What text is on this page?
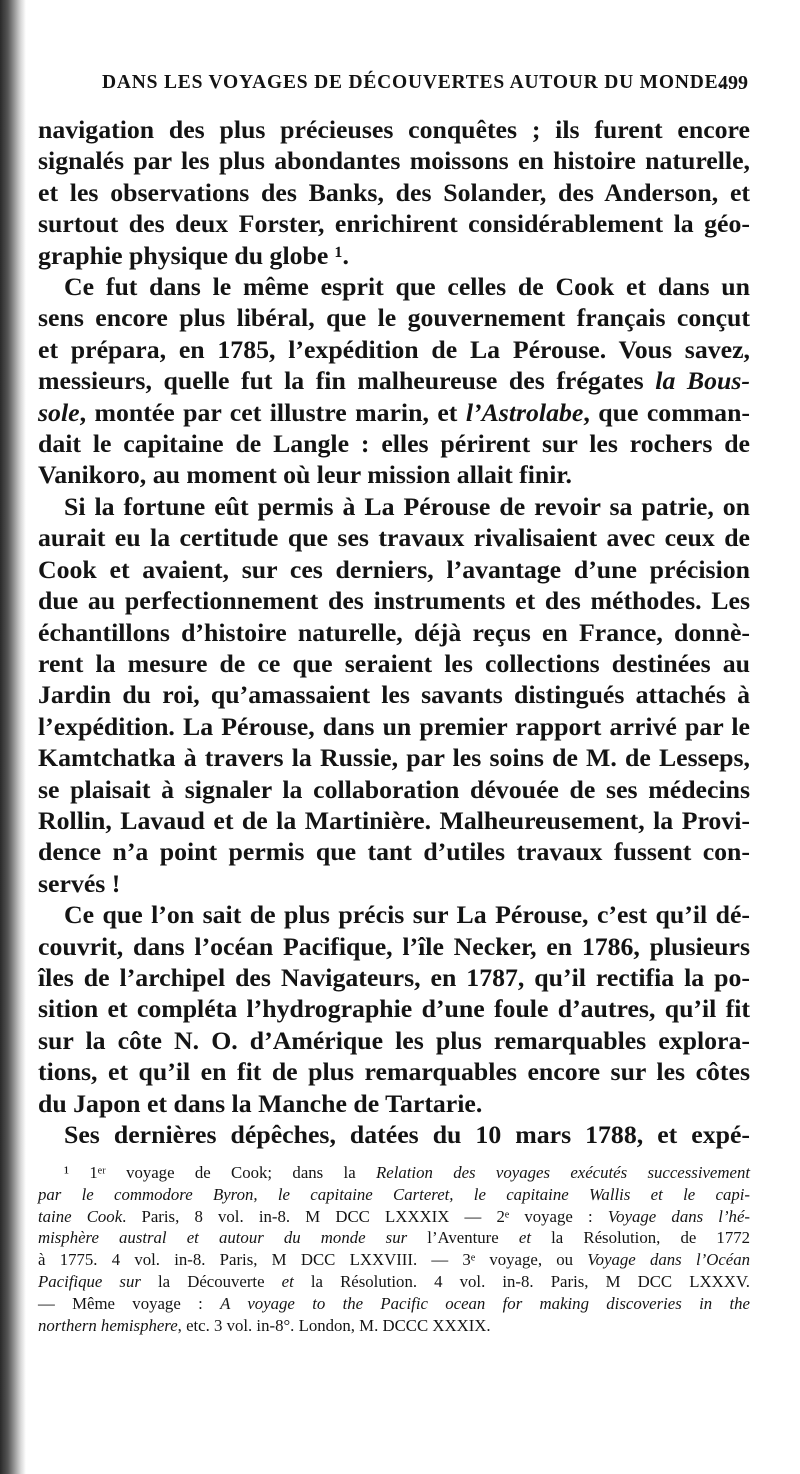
DANS LES VOYAGES DE DÉCOUVERTES AUTOUR DU MONDE.
499

navigation des plus précieuses conquêtes ; ils furent encore

signalés par les plus abondantes moissons en histoire naturelle,

et les observations des Banks, des Solander, des Anderson, et

surtout des deux Forster, enrichirent considérablement la géo-

graphie physique du globe ¹.

Ce fut dans le même esprit que celles de Cook et dans un

sens encore plus libéral, que le gouvernement français conçut

et prépara, en 1785, l’expédition de La Pérouse. Vous savez,

messieurs, quelle fut la fin malheureuse des frégates la Bous-

sole, montée par cet illustre marin, et l’Astrolabe, que comman-

dait le capitaine de Langle : elles périrent sur les rochers de

Vanikoro, au moment où leur mission allait finir.

Si la fortune eût permis à La Pérouse de revoir sa patrie, on

aurait eu la certitude que ses travaux rivalisaient avec ceux de

Cook et avaient, sur ces derniers, l’avantage d’une précision

due au perfectionnement des instruments et des méthodes. Les

échantillons d’histoire naturelle, déjà reçus en France, donnè-

rent la mesure de ce que seraient les collections destinées au

Jardin du roi, qu’amassaient les savants distingués attachés à

l’expédition. La Pérouse, dans un premier rapport arrivé par le

Kamtchatka à travers la Russie, par les soins de M. de Lesseps,

se plaisait à signaler la collaboration dévouée de ses médecins

Rollin, Lavaud et de la Martinière. Malheureusement, la Provi-

dence n’a point permis que tant d’utiles travaux fussent con-

servés !

Ce que l’on sait de plus précis sur La Pérouse, c’est qu’il dé-

couvrit, dans l’océan Pacifique, l’île Necker, en 1786, plusieurs

îles de l’archipel des Navigateurs, en 1787, qu’il rectifia la po-

sition et compléta l’hydrographie d’une foule d’autres, qu’il fit

sur la côte N. O. d’Amérique les plus remarquables explora-

tions, et qu’il en fit de plus remarquables encore sur les côtes

du Japon et dans la Manche de Tartarie.

Ses dernières dépêches, datées du 10 mars 1788, et expé-

¹ 1ᵉʳ voyage de Cook; dans la Relation des voyages exécutés successivement

par le commodore Byron, le capitaine Carteret, le capitaine Wallis et le capi-

taine Cook. Paris, 8 vol. in-8. M DCC LXXXIX — 2ᵉ voyage : Voyage dans l’hé-

misphère austral et autour du monde sur l’Aventure et la Résolution, de 1772

à 1775. 4 vol. in-8. Paris, M DCC LXXVIII. — 3ᵉ voyage, ou Voyage dans l’Océan

Pacifique sur la Découverte et la Résolution. 4 vol. in-8. Paris, M DCC LXXXV.

— Même voyage : A voyage to the Pacific ocean for making discoveries in the

northern hemisphere, etc. 3 vol. in-8°. London, M. DCCC XXXIX.
